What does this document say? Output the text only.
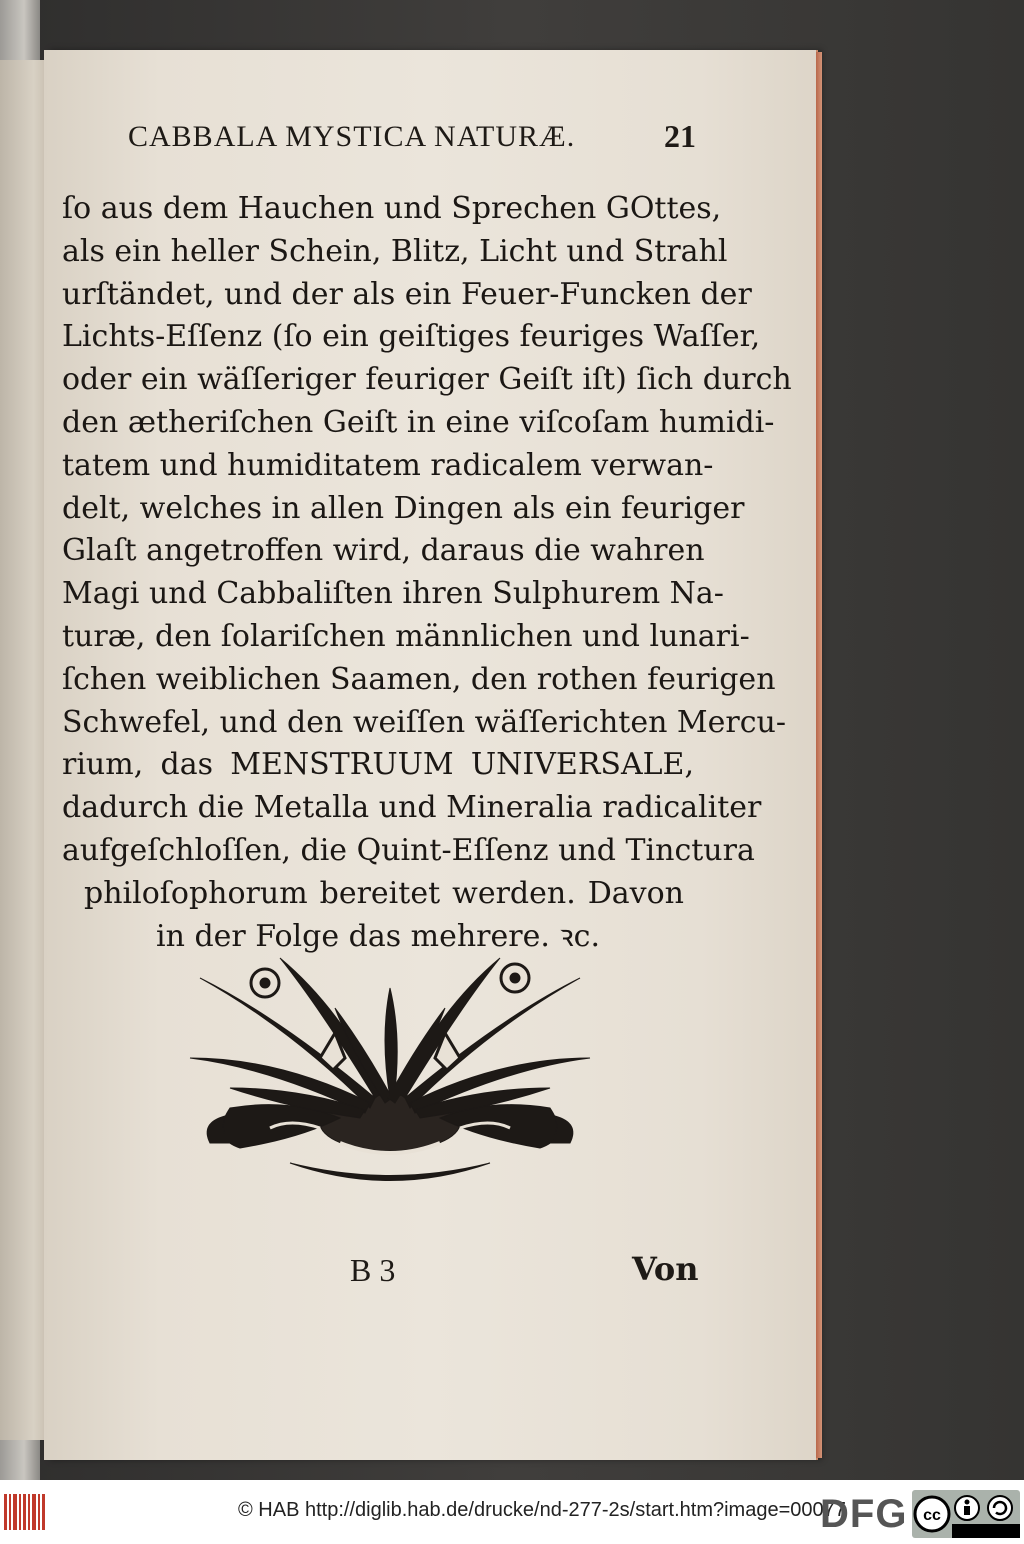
CABBALA MYSTICA NATURÆ.	21
ſo aus dem Hauchen und Sprechen GOttes,
als ein heller Schein, Blitz, Licht und Strahl
urſtändet, und der als ein Feuer-Funcken der
Lichts-Eſſenz (ſo ein geiſtiges feuriges Waſſer,
oder ein wäſſeriger feuriger Geiſt iſt) ſich durch
den ætheriſchen Geiſt in eine viſcoſam humidi-
tatem und humiditatem radicalem verwan-
delt, welches in allen Dingen als ein feuriger
Glaſt angetroffen wird, daraus die wahren
Magi und Cabbaliſten ihren Sulphurem Na-
turæ, den ſolariſchen männlichen und lunari-
ſchen weiblichen Saamen, den rothen feurigen
Schwefel, und den weiſſen wäſſerichten Mercu-
rium, das MENSTRUUM UNIVERSALE,
dadurch die Metalla und Mineralia radicaliter
aufgeſchloſſen, die Quint-Eſſenz und Tinctura
philoſophorum bereitet werden. Davon
in der Folge das mehrere. ꝛc.
B 3	Von
© HAB http://diglib.hab.de/drucke/nd-277-2s/start.htm?image=00077
DFG cc
